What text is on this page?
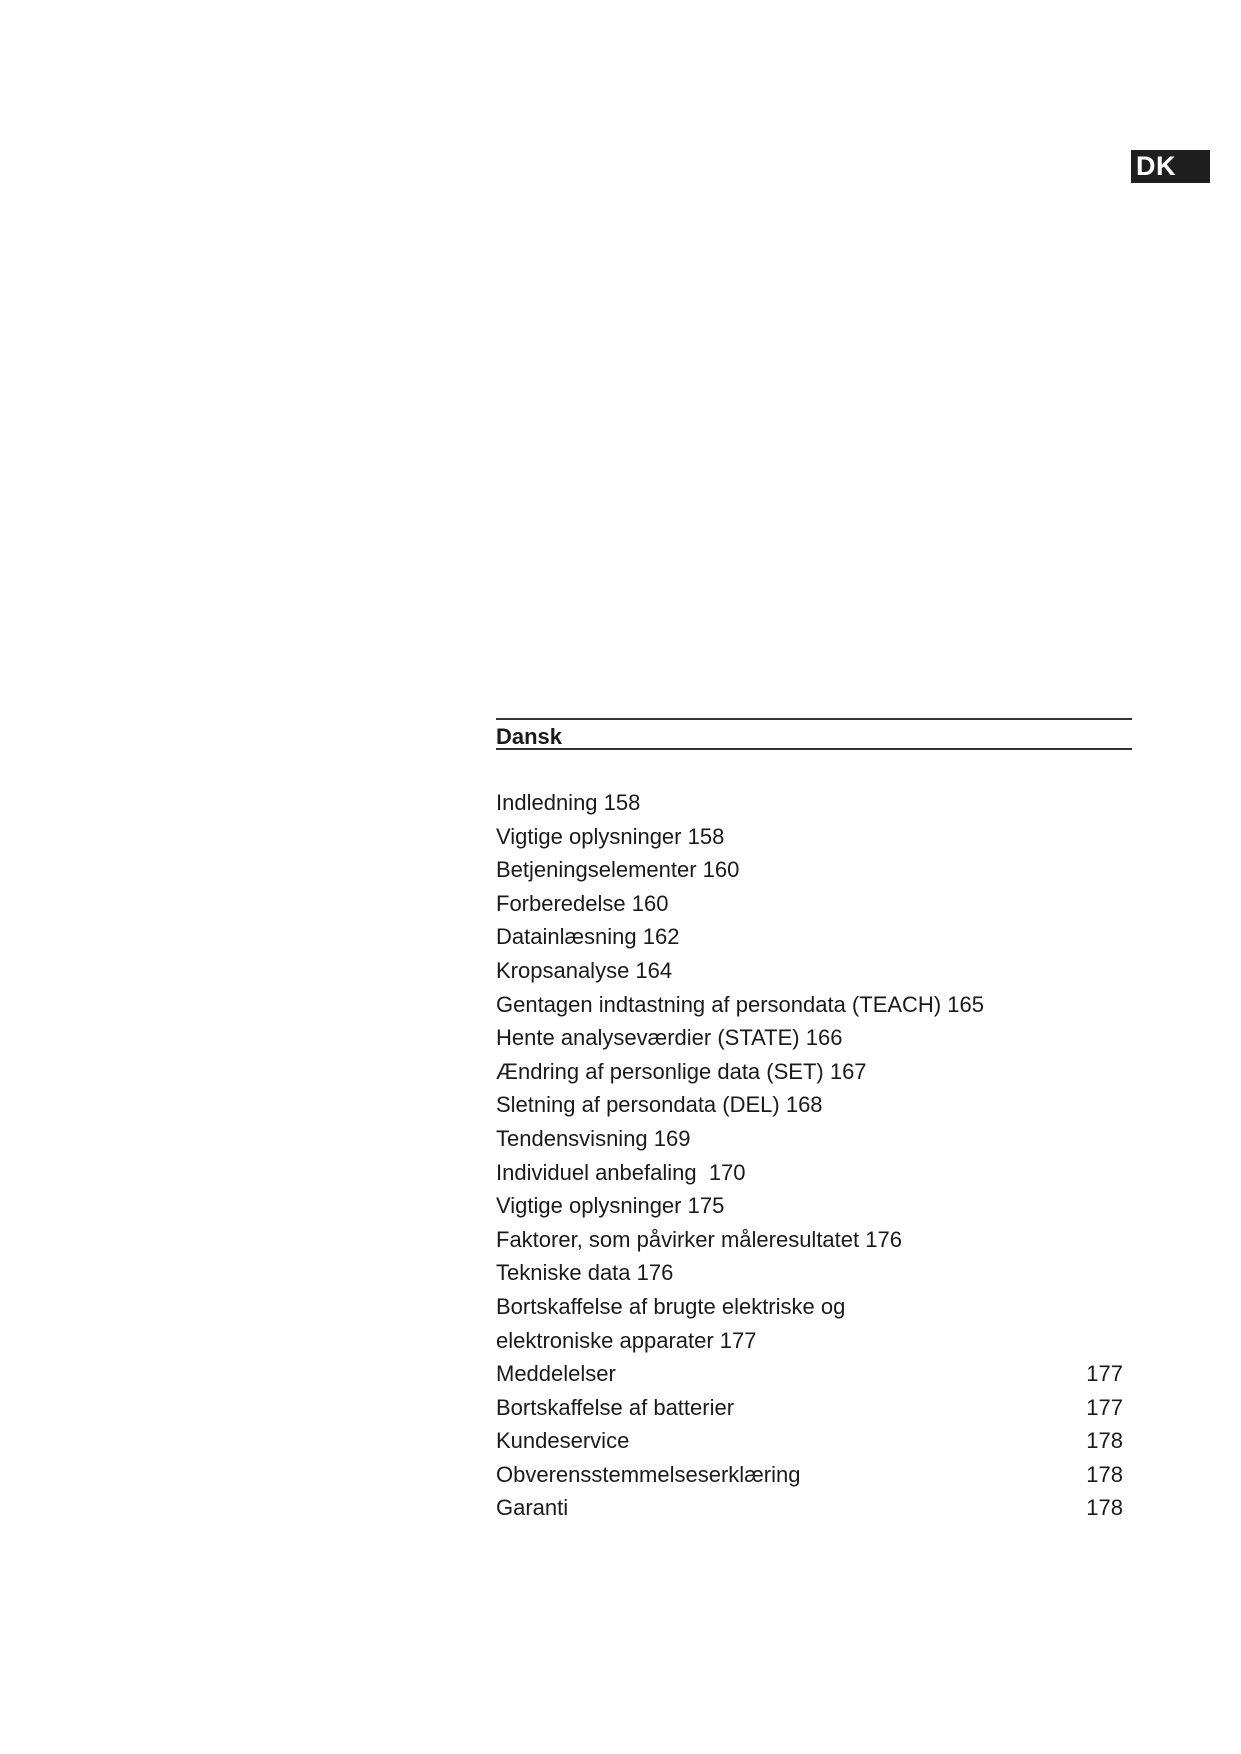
DK
Dansk
Indledning 158
Vigtige oplysninger 158
Betjeningselementer 160
Forberedelse 160
Datainlæsning 162
Kropsanalyse 164
Gentagen indtastning af persondata (TEACH) 165
Hente analyseværdier (STATE) 166
Ændring af personlige data (SET) 167
Sletning af persondata (DEL) 168
Tendensvisning 169
Individuel anbefaling  170
Vigtige oplysninger 175
Faktorer, som påvirker måleresultatet 176
Tekniske data 176
Bortskaffelse af brugte elektriske og
elektroniske apparater 177
Meddelelser	177
Bortskaffelse af batterier	177
Kundeservice	178
Obverensstemmelseserklæring	178
Garanti	178
